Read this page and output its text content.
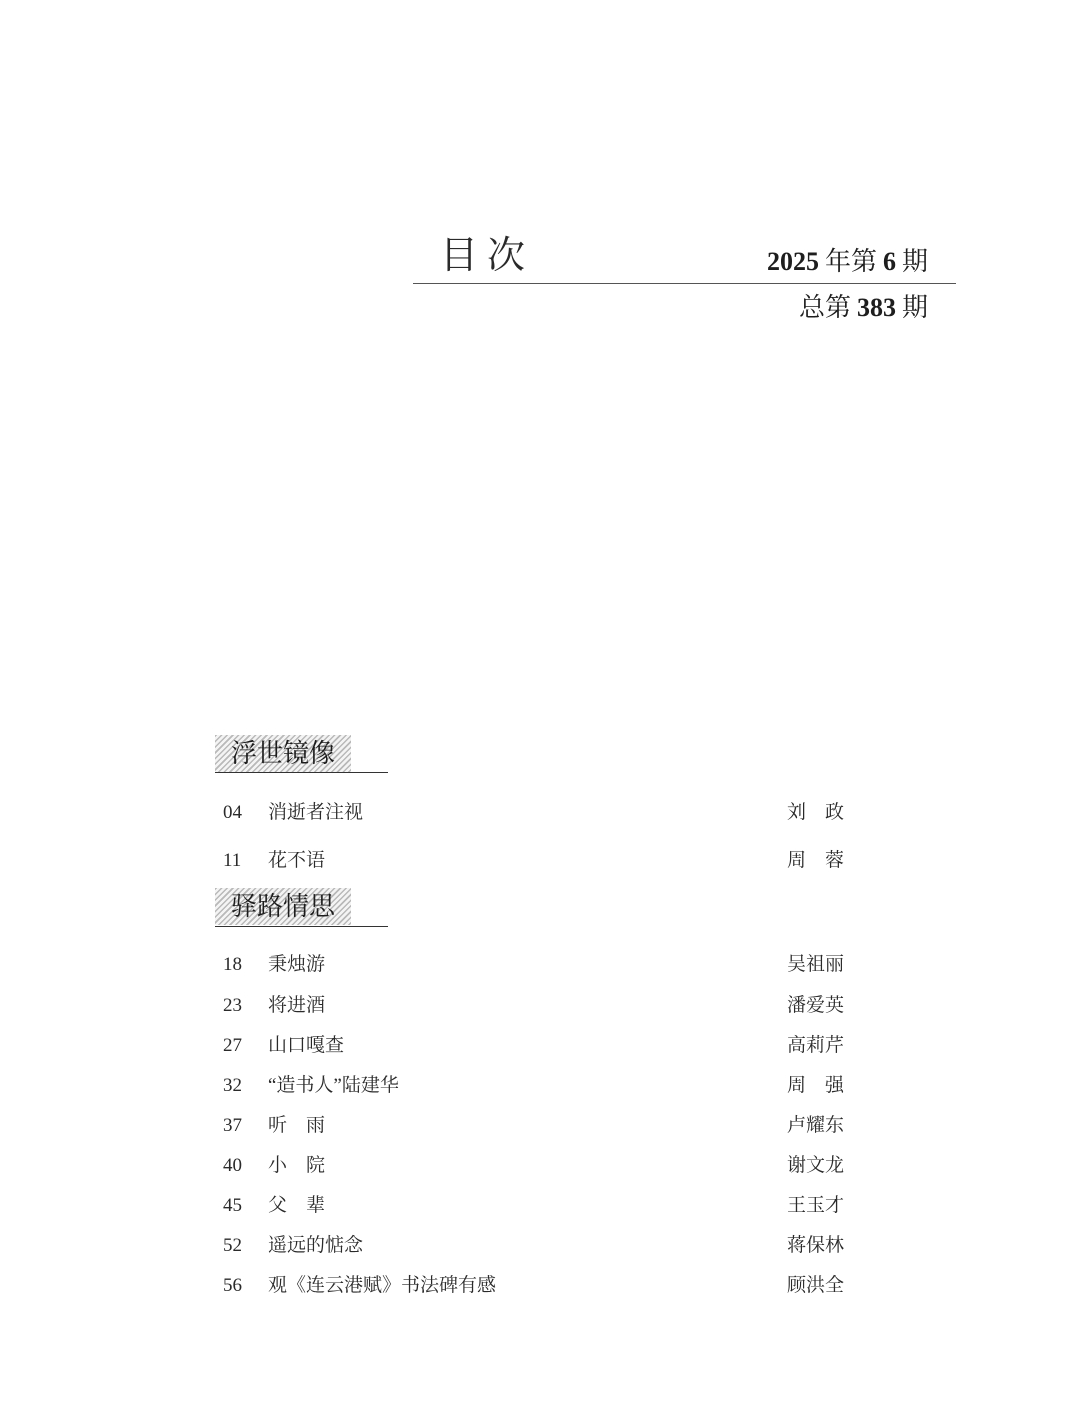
目次	2025 年第 6 期
总第 383 期
浮世镜像
04	消逝者注视	刘　政
11	花不语	周　蓉
驿路情思
18	秉烛游	吴祖丽
23	将进酒	潘爱英
27	山口嘎查	高莉芹
32	“造书人”陆建华	周　强
37	听　雨	卢耀东
40	小　院	谢文龙
45	父　辈	王玉才
52	遥远的惦念	蒋保林
56	观《连云港赋》书法碑有感	顾洪全
